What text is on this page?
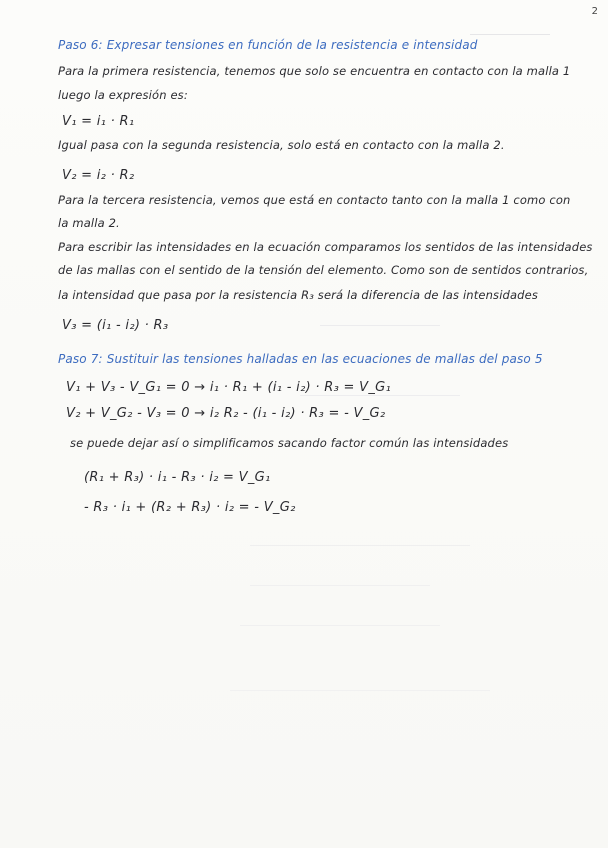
2
Paso 6: Expresar tensiones en función de la resistencia e intensidad
Para la primera resistencia, tenemos que solo se encuentra en contacto con la malla 1
luego la expresión es:
V₁ = i₁ · R₁
Igual pasa con la segunda resistencia, solo está en contacto con la malla 2.
V₂ = i₂ · R₂
Para la tercera resistencia, vemos que está en contacto tanto con la malla 1 como con
la malla 2.
Para escribir las intensidades en la ecuación comparamos los sentidos de las intensidades
de las mallas con el sentido de la tensión del elemento. Como son de sentidos contrarios,
la intensidad que pasa por la resistencia R₃ será la diferencia de las intensidades
V₃ = (i₁ - i₂) · R₃
Paso 7: Sustituir las tensiones halladas en las ecuaciones de mallas del paso 5
V₁ + V₃ - V_G₁ = 0 → i₁ · R₁ + (i₁ - i₂) · R₃ = V_G₁
V₂ + V_G₂ - V₃ = 0 → i₂ R₂ - (i₁ - i₂) · R₃ = - V_G₂
se puede dejar así o simplificamos sacando factor común las intensidades
(R₁ + R₃) · i₁ - R₃ · i₂ = V_G₁
- R₃ · i₁ + (R₂ + R₃) · i₂ = - V_G₂
